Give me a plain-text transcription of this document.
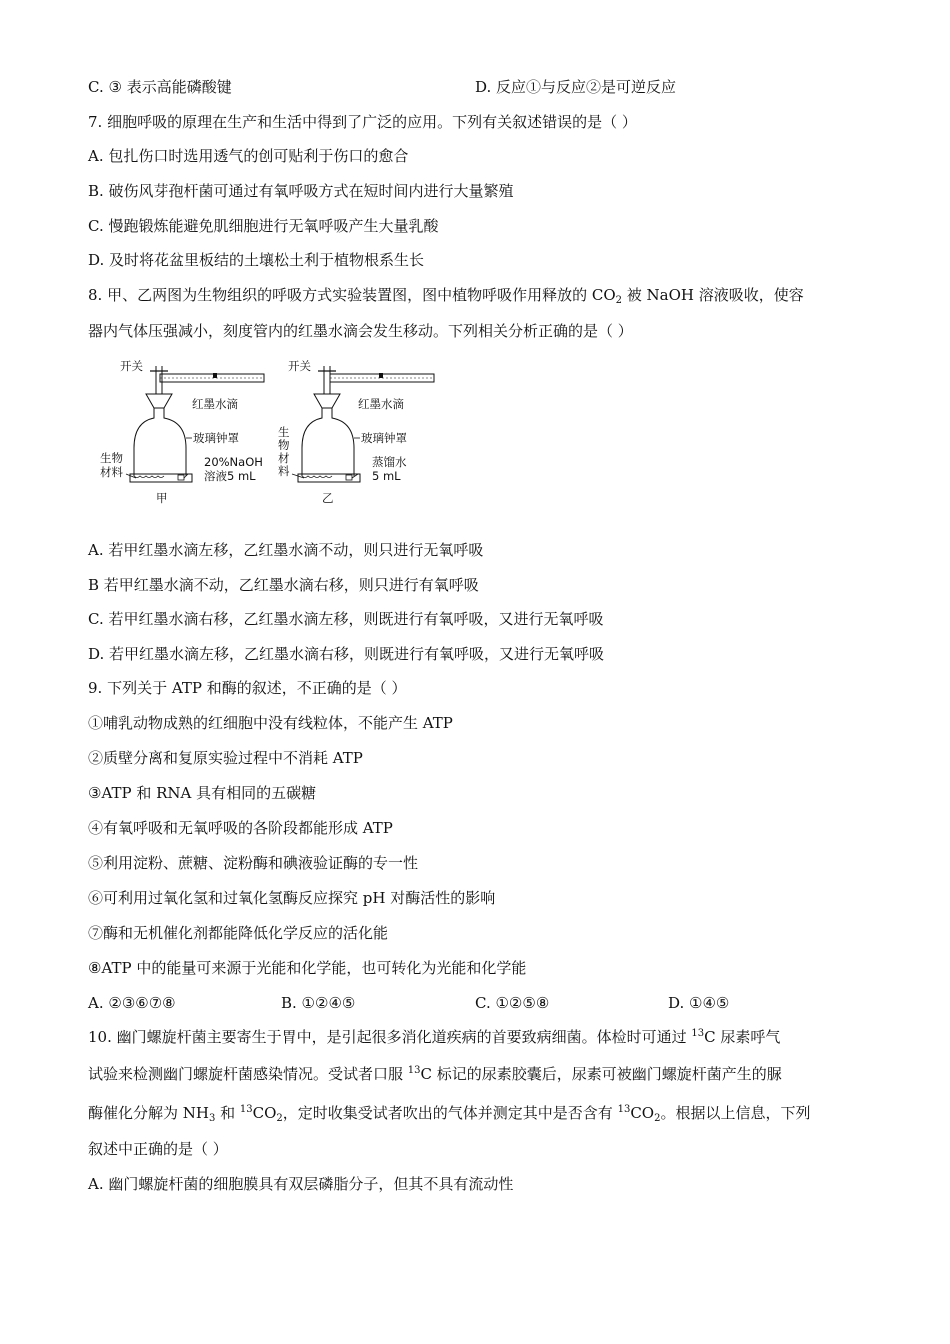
C. ③ 表示高能磷酸键	D. 反应①与反应②是可逆反应
7. 细胞呼吸的原理在生产和生活中得到了广泛的应用。下列有关叙述错误的是（ ）
A. 包扎伤口时选用透气的创可贴利于伤口的愈合
B. 破伤风芽孢杆菌可通过有氧呼吸方式在短时间内进行大量繁殖
C. 慢跑锻炼能避免肌细胞进行无氧呼吸产生大量乳酸
D. 及时将花盆里板结的土壤松土利于植物根系生长
8. 甲、乙两图为生物组织的呼吸方式实验装置图，图中植物呼吸作用释放的 $CO_2$ 被 NaOH 溶液吸收，使容
器内气体压强减小，刻度管内的红墨水滴会发生移动。下列相关分析正确的是（ ）
开关
红墨水滴
玻璃钟罩
生物
材料
20%NaOH
溶液5 mL
甲
开关
红墨水滴
玻璃钟罩
生
物
材
料
蒸馏水
5 mL
乙
A. 若甲红墨水滴左移，乙红墨水滴不动，则只进行无氧呼吸
B 若甲红墨水滴不动，乙红墨水滴右移，则只进行有氧呼吸
C. 若甲红墨水滴右移，乙红墨水滴左移，则既进行有氧呼吸，又进行无氧呼吸
D. 若甲红墨水滴左移，乙红墨水滴右移，则既进行有氧呼吸，又进行无氧呼吸
9. 下列关于 ATP 和酶的叙述，不正确的是（ ）
①哺乳动物成熟的红细胞中没有线粒体，不能产生 ATP
②质壁分离和复原实验过程中不消耗 ATP
③ATP 和 RNA 具有相同的五碳糖
④有氧呼吸和无氧呼吸的各阶段都能形成 ATP
⑤利用淀粉、蔗糖、淀粉酶和碘液验证酶的专一性
⑥可利用过氧化氢和过氧化氢酶反应探究 pH 对酶活性的影响
⑦酶和无机催化剂都能降低化学反应的活化能
⑧ATP 中的能量可来源于光能和化学能，也可转化为光能和化学能
A. ②③⑥⑦⑧	B. ①②④⑤	C. ①②⑤⑧	D. ①④⑤
10. 幽门螺旋杆菌主要寄生于胃中，是引起很多消化道疾病的首要致病细菌。体检时可通过 $^{13}$C 尿素呼气
试验来检测幽门螺旋杆菌感染情况。受试者口服 $^{13}$C 标记的尿素胶囊后，尿素可被幽门螺旋杆菌产生的脲
酶催化分解为 $NH_3$ 和 $^{13}CO_2$，定时收集受试者吹出的气体并测定其中是否含有 $^{13}CO_2$。根据以上信息，下列
叙述中正确的是（ ）
A. 幽门螺旋杆菌的细胞膜具有双层磷脂分子，但其不具有流动性
